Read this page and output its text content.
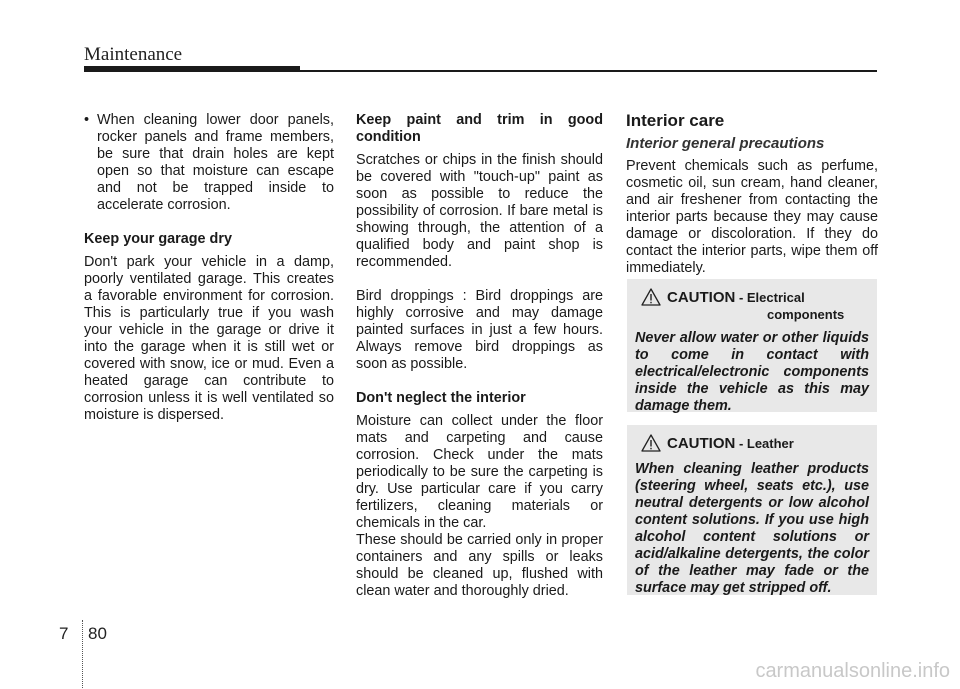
Maintenance
• When cleaning lower door panels, rocker panels and frame members, be sure that drain holes are kept open so that moisture can escape and not be trapped inside to accelerate corrosion.

Keep your garage dry

Don't park your vehicle in a damp, poorly ventilated garage. This creates a favorable environment for corrosion. This is particularly true if you wash your vehicle in the garage or drive it into the garage when it is still wet or covered with snow, ice or mud. Even a heated garage can contribute to corrosion unless it is well ventilated so moisture is dispersed.

Keep paint and trim in good condition

Scratches or chips in the finish should be covered with "touch-up" paint as soon as possible to reduce the possibility of corrosion. If bare metal is showing through, the attention of a qualified body and paint shop is recommended.

Bird droppings : Bird droppings are highly corrosive and may damage painted surfaces in just a few hours. Always remove bird droppings as soon as possible.

Don't neglect the interior

Moisture can collect under the floor mats and carpeting and cause corrosion. Check under the mats periodically to be sure the carpeting is dry. Use particular care if you carry fertilizers, cleaning materials or chemicals in the car.

These should be carried only in proper containers and any spills or leaks should be cleaned up, flushed with clean water and thoroughly dried.

Interior care

Interior general precautions

Prevent chemicals such as perfume, cosmetic oil, sun cream, hand cleaner, and air freshener from contacting the interior parts because they may cause damage or discoloration. If they do contact the interior parts, wipe them off immediately.

CAUTION - Electrical
components

Never allow water or other liquids to come in contact with electrical/electronic components inside the vehicle as this may damage them.

CAUTION - Leather

When cleaning leather products (steering wheel, seats etc.), use neutral detergents or low alcohol content solutions. If you use high alcohol content solutions or acid/alkaline detergents, the color of the leather may fade or the surface may get stripped off.

7 80
carmanualsonline.info
